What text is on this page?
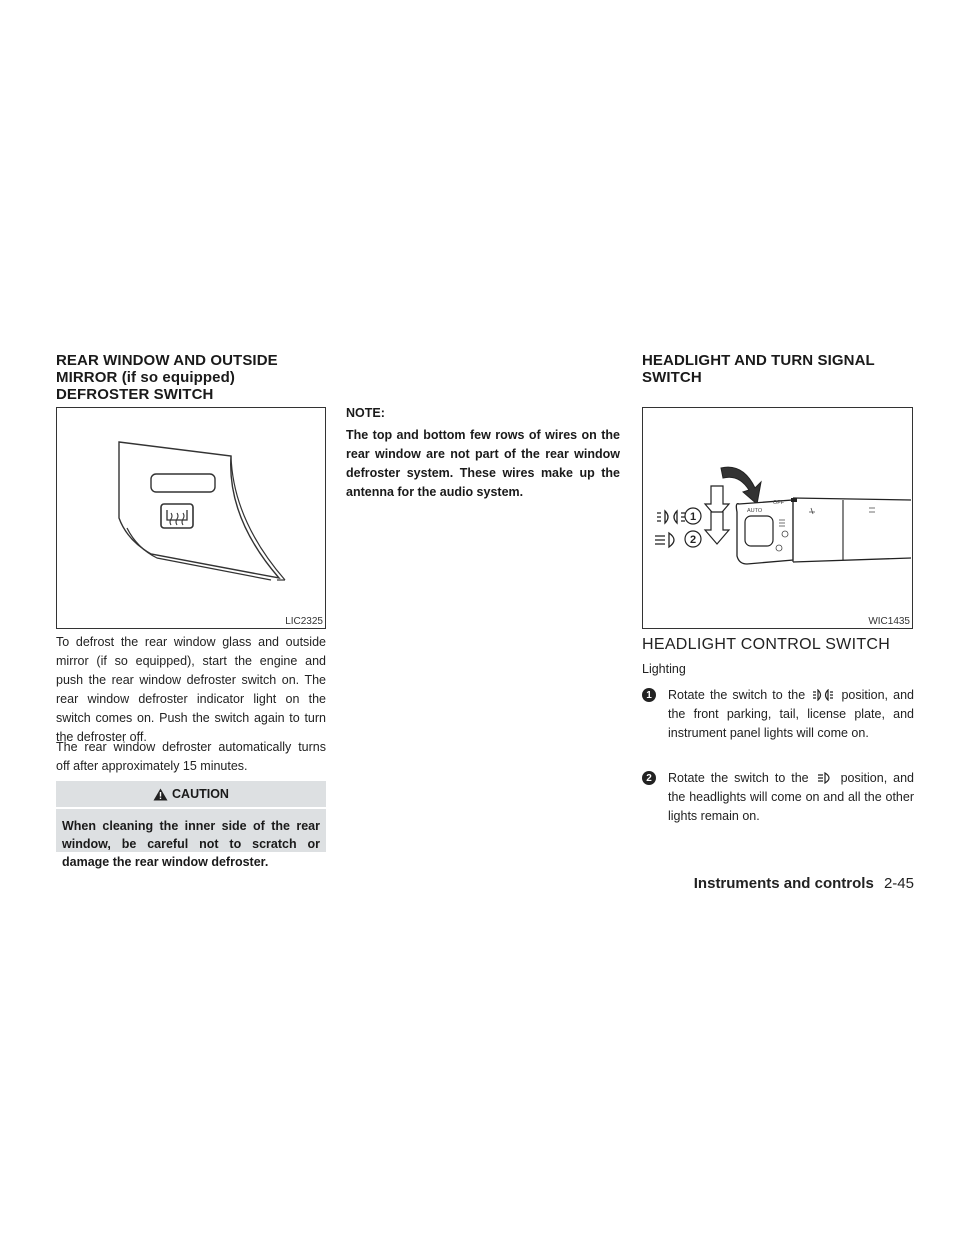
REAR WINDOW AND OUTSIDE
MIRROR (if so equipped)
DEFROSTER SWITCH
LIC2325

To defrost the rear window glass and outside mirror (if so equipped), start the engine and push the rear window defroster switch on. The rear window defroster indicator light on the switch comes on. Push the switch again to turn the defroster off.

The rear window defroster automatically turns off after approximately 15 minutes.

CAUTION
When cleaning the inner side of the rear window, be careful not to scratch or damage the rear window defroster.
NOTE:
The top and bottom few rows of wires on the rear window are not part of the rear window defroster system. These wires make up the antenna for the audio system.
HEADLIGHT AND TURN SIGNAL
SWITCH
1
2
OFF
AUTO
WIC1435
HEADLIGHT CONTROL SWITCH
Lighting
1	Rotate the switch to the	position, and the front parking, tail, license plate, and instrument panel lights will come on.
2	Rotate the switch to the	position, and the headlights will come on and all the other lights remain on.
Instruments and controls 2-45
